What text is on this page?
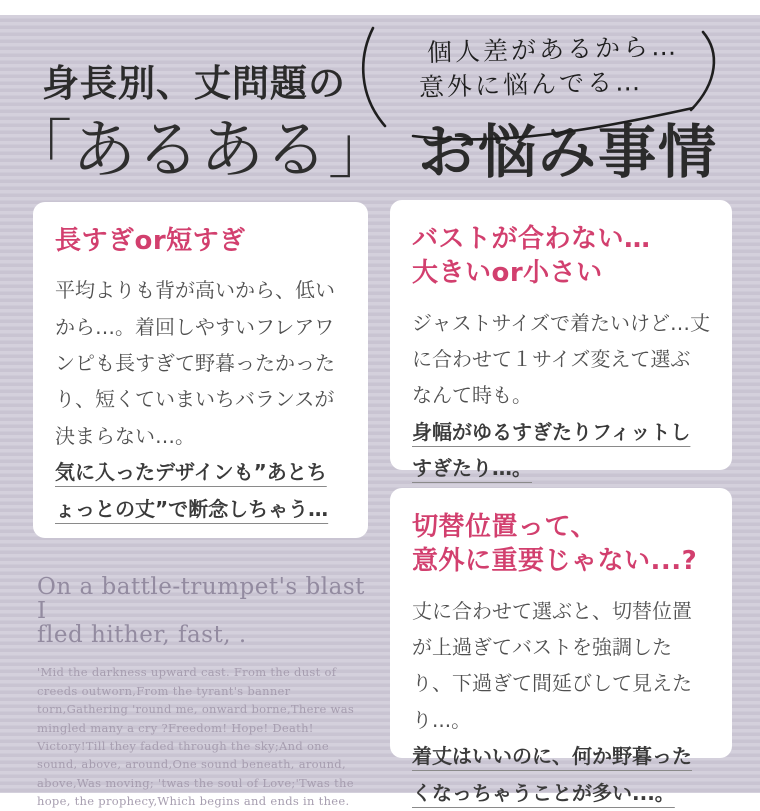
身長別、丈問題の
「あるある」 お悩み事情
個人差があるから…
意外に悩んでる…
長すぎor短すぎ
平均よりも背が高いから、低いから…。着回しやすいフレアワンピも長すぎて野暮ったかったり、短くていまいちバランスが決まらない…。
気に入ったデザインも”あとちょっとの丈”で断念しちゃう…
バストが合わない…
大きいor小さい
ジャストサイズで着たいけど…丈に合わせて１サイズ変えて選ぶなんて時も。
身幅がゆるすぎたりフィットしすぎたり…。
切替位置って、
意外に重要じゃない...?
丈に合わせて選ぶと、切替位置が上過ぎてバストを強調したり、下過ぎて間延びして見えたり...。
着丈はいいのに、何か野暮ったくなっちゃうことが多い...。
On a battle-trumpet's blast I
fled hither, fast, .
'Mid the darkness upward cast. From the dust of creeds outworn,From the tyrant's banner torn,Gathering 'round me, onward borne,There was mingled many a cry ?Freedom! Hope! Death! Victory!Till they faded through the sky;And one sound, above, around,One sound beneath, around, above,Was moving; 'twas the soul of Love;'Twas the hope, the prophecy,Which begins and ends in thee.
